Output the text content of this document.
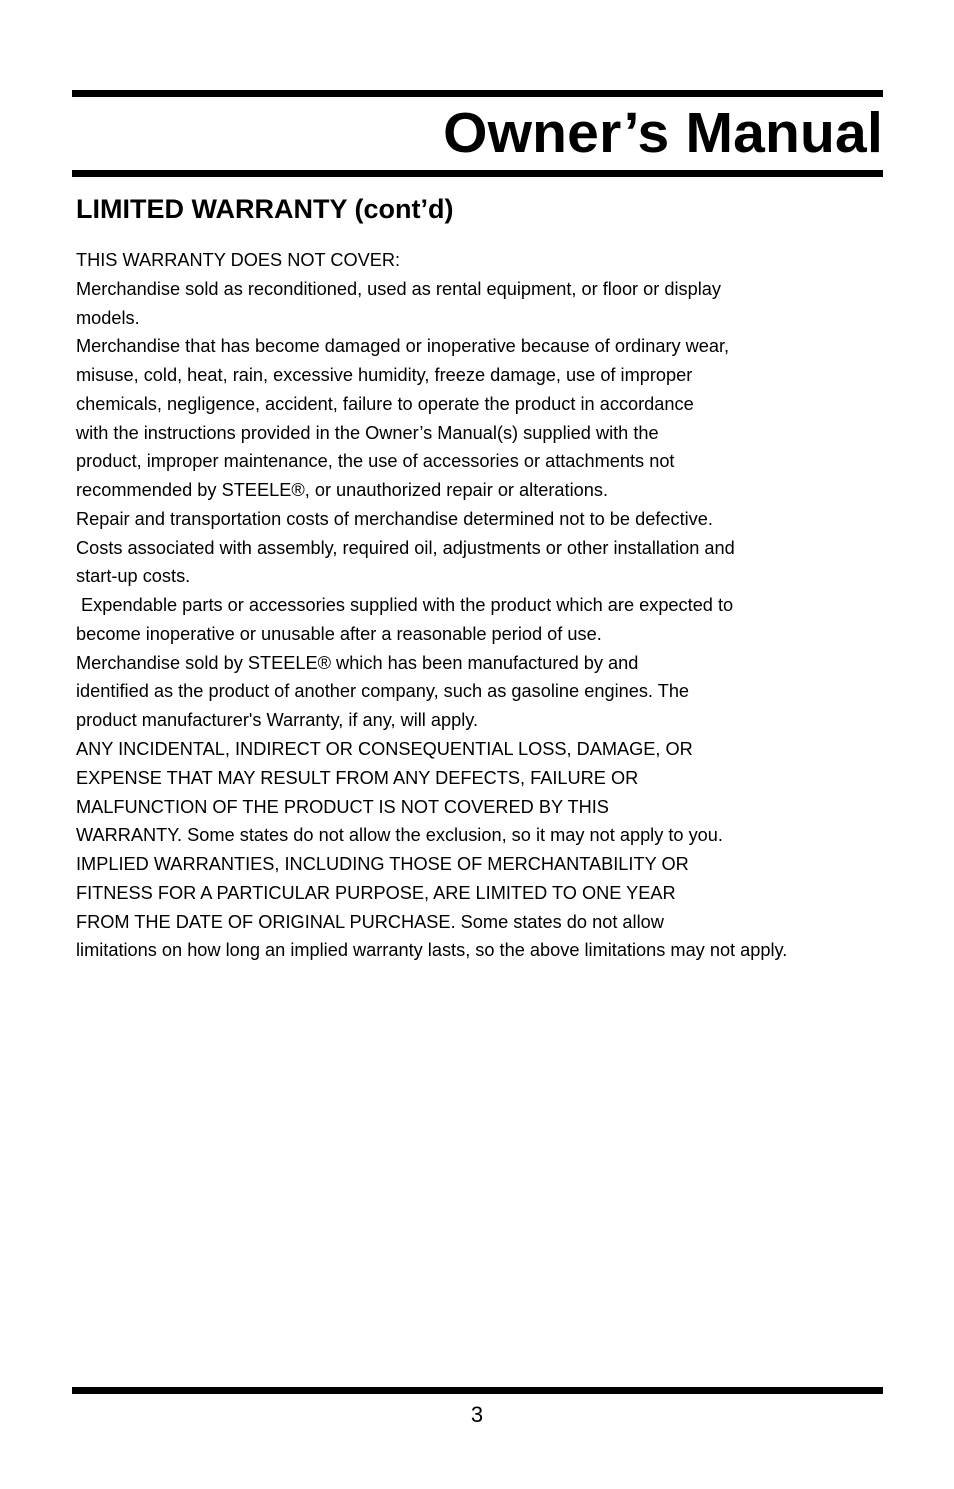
Owner’s Manual
LIMITED WARRANTY (cont’d)
THIS WARRANTY DOES NOT COVER:
Merchandise sold as reconditioned, used as rental equipment, or floor or display
models.
Merchandise that has become damaged or inoperative because of ordinary wear,
misuse, cold, heat, rain, excessive humidity, freeze damage, use of improper
chemicals, negligence, accident, failure to operate the product in accordance
with the instructions provided in the Owner’s Manual(s) supplied with the
product, improper maintenance, the use of accessories or attachments not
recommended by STEELE®, or unauthorized repair or alterations.
Repair and transportation costs of merchandise determined not to be defective.
Costs associated with assembly, required oil, adjustments or other installation and
start-up costs.
Expendable parts or accessories supplied with the product which are expected to
become inoperative or unusable after a reasonable period of use.
Merchandise sold by STEELE® which has been manufactured by and
identified as the product of another company, such as gasoline engines. The
product manufacturer's Warranty, if any, will apply.
ANY INCIDENTAL, INDIRECT OR CONSEQUENTIAL LOSS, DAMAGE, OR
EXPENSE THAT MAY RESULT FROM ANY DEFECTS, FAILURE OR
MALFUNCTION OF THE PRODUCT IS NOT COVERED BY THIS
WARRANTY. Some states do not allow the exclusion, so it may not apply to you.
IMPLIED WARRANTIES, INCLUDING THOSE OF MERCHANTABILITY OR
FITNESS FOR A PARTICULAR PURPOSE, ARE LIMITED TO ONE YEAR
FROM THE DATE OF ORIGINAL PURCHASE. Some states do not allow
limitations on how long an implied warranty lasts, so the above limitations may not apply.
3
